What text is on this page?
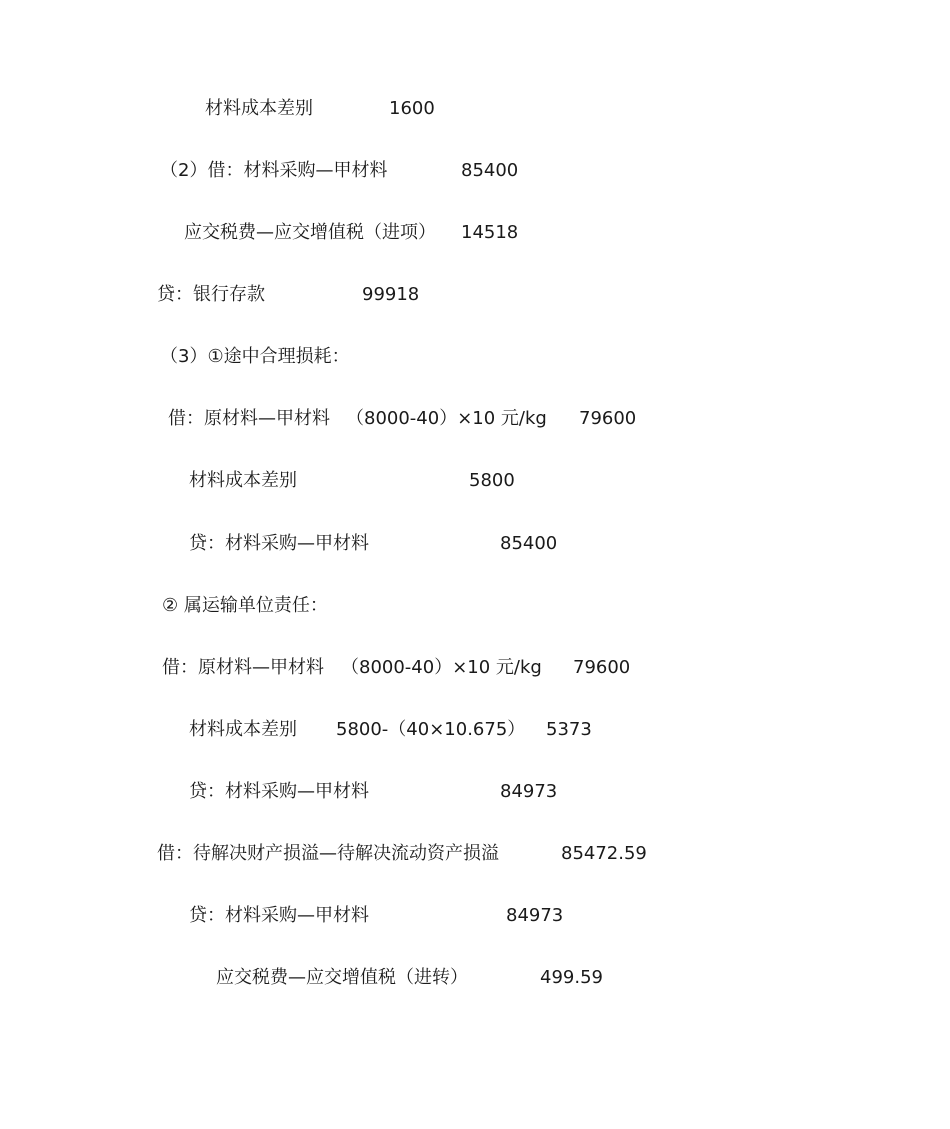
材料成本差别	1600
（2）借：材料采购—甲材料	85400
应交税费—应交增值税（进项） 14518
贷：银行存款	99918
（3）①途中合理损耗：
借：原材料—甲材料 （8000-40）×10 元/kg 79600
材料成本差别	5800
贷：材料采购—甲材料	85400
② 属运输单位责任：
借：原材料—甲材料 （8000-40）×10 元/kg 79600
材料成本差别 5800-（40×10.675） 5373
贷：材料采购—甲材料	84973
借：待解决财产损溢—待解决流动资产损溢	85472.59
贷：材料采购—甲材料	84973
应交税费—应交增值税（进转）	499.59
